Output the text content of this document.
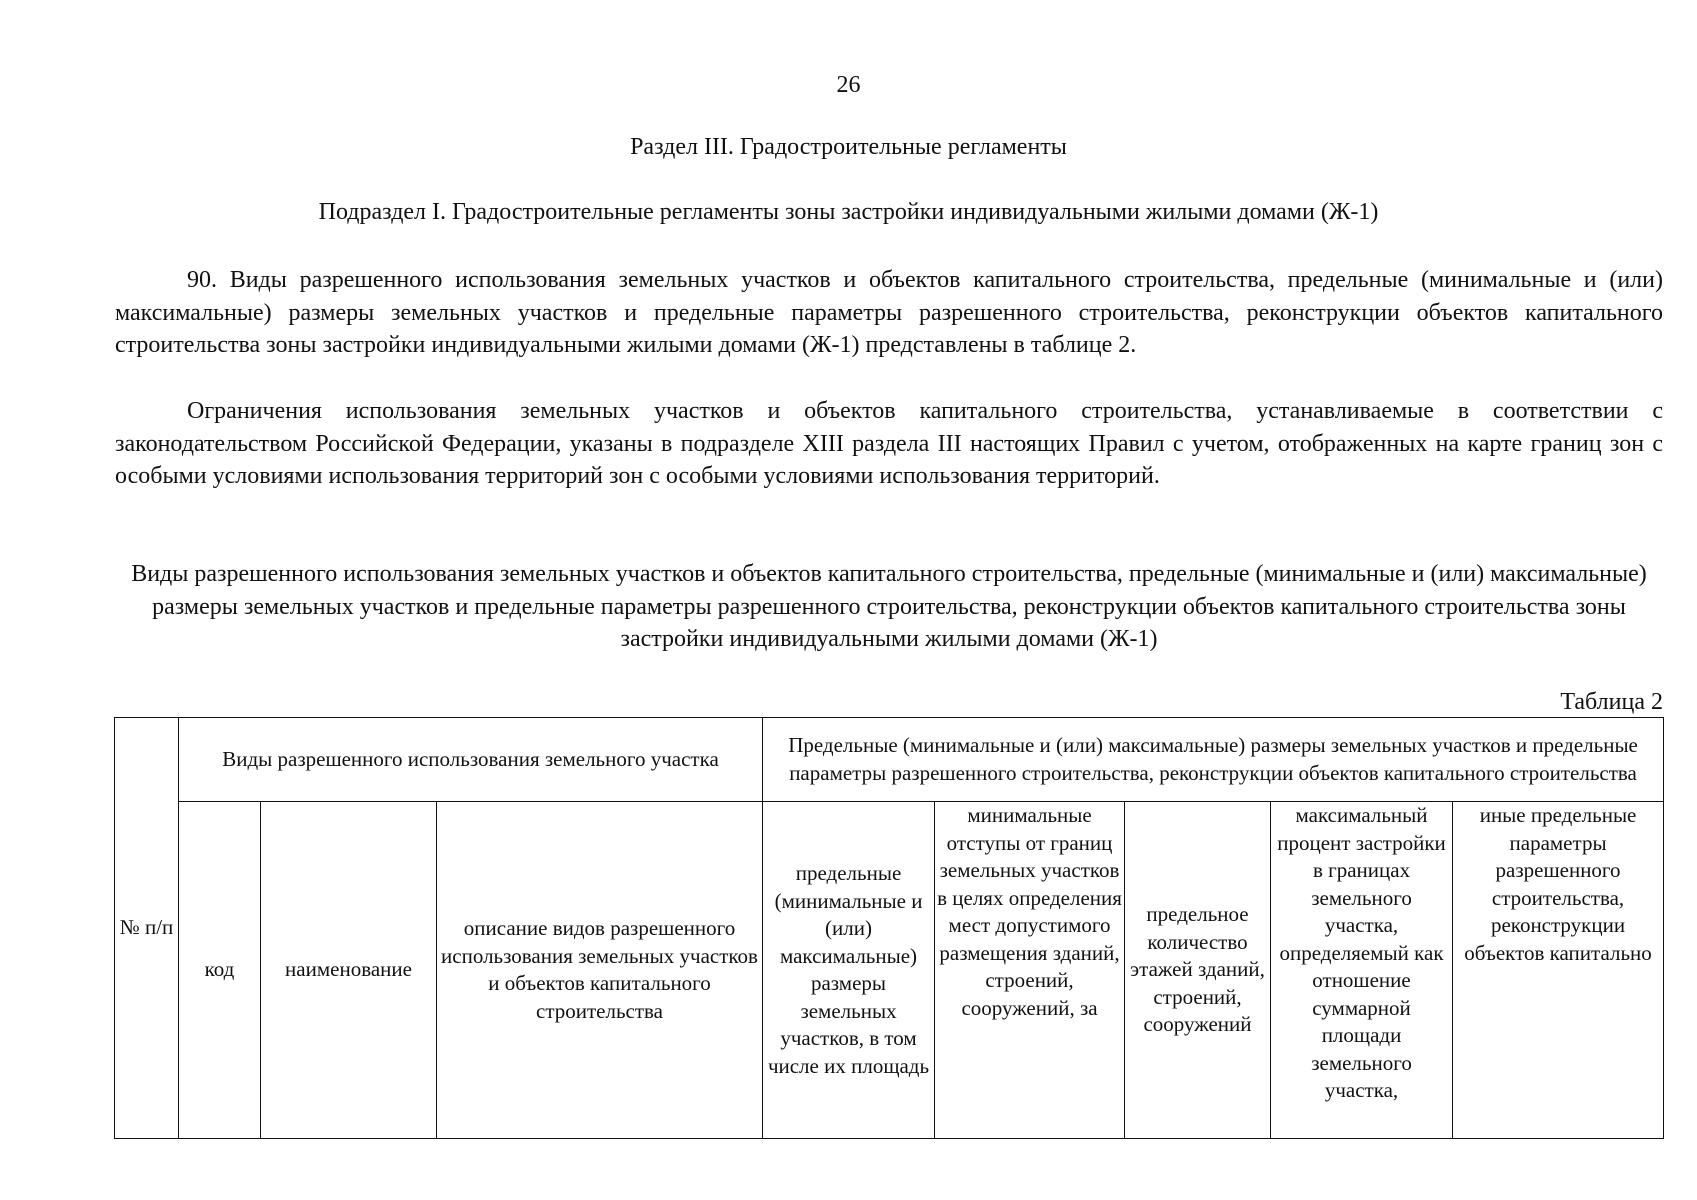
26
Раздел III. Градостроительные регламенты
Подраздел I. Градостроительные регламенты зоны застройки индивидуальными жилыми домами (Ж-1)
90. Виды разрешенного использования земельных участков и объектов капитального строительства, предельные (минимальные и (или) максимальные) размеры земельных участков и предельные параметры разрешенного строительства, реконструкции объектов капитального строительства зоны застройки индивидуальными жилыми домами (Ж-1) представлены в таблице 2.
Ограничения использования земельных участков и объектов капитального строительства, устанавливаемые в соответствии с законодательством Российской Федерации, указаны в подразделе XIII раздела III настоящих Правил с учетом, отображенных на карте границ зон с особыми условиями использования территорий зон с особыми условиями использования территорий.
Виды разрешенного использования земельных участков и объектов капитального строительства, предельные (минимальные и (или) максимальные) размеры земельных участков и предельные параметры разрешенного строительства, реконструкции объектов капитального строительства зоны застройки индивидуальными жилыми домами (Ж-1)
Таблица 2
№ п/п	Виды разрешенного использования земельного участка			Предельные (минимальные и (или) максимальные) размеры земельных участков и предельные параметры разрешенного строительства, реконструкции объектов капитального строительства				
	код	наименование	описание видов разрешенного использования земельных участков и объектов капитального строительства	предельные (минимальные и (или) максимальные) размеры земельных участков, в том числе их площадь	минимальные отступы от границ земельных участков в целях определения мест допустимого размещения зданий, строений, сооружений, за	предельное количество этажей зданий, строений, сооружений	максимальный процент застройки в границах земельного участка, определяемый как отношение суммарной площади земельного участка,	иные предельные параметры разрешенного строительства, реконструкции объектов капитально
